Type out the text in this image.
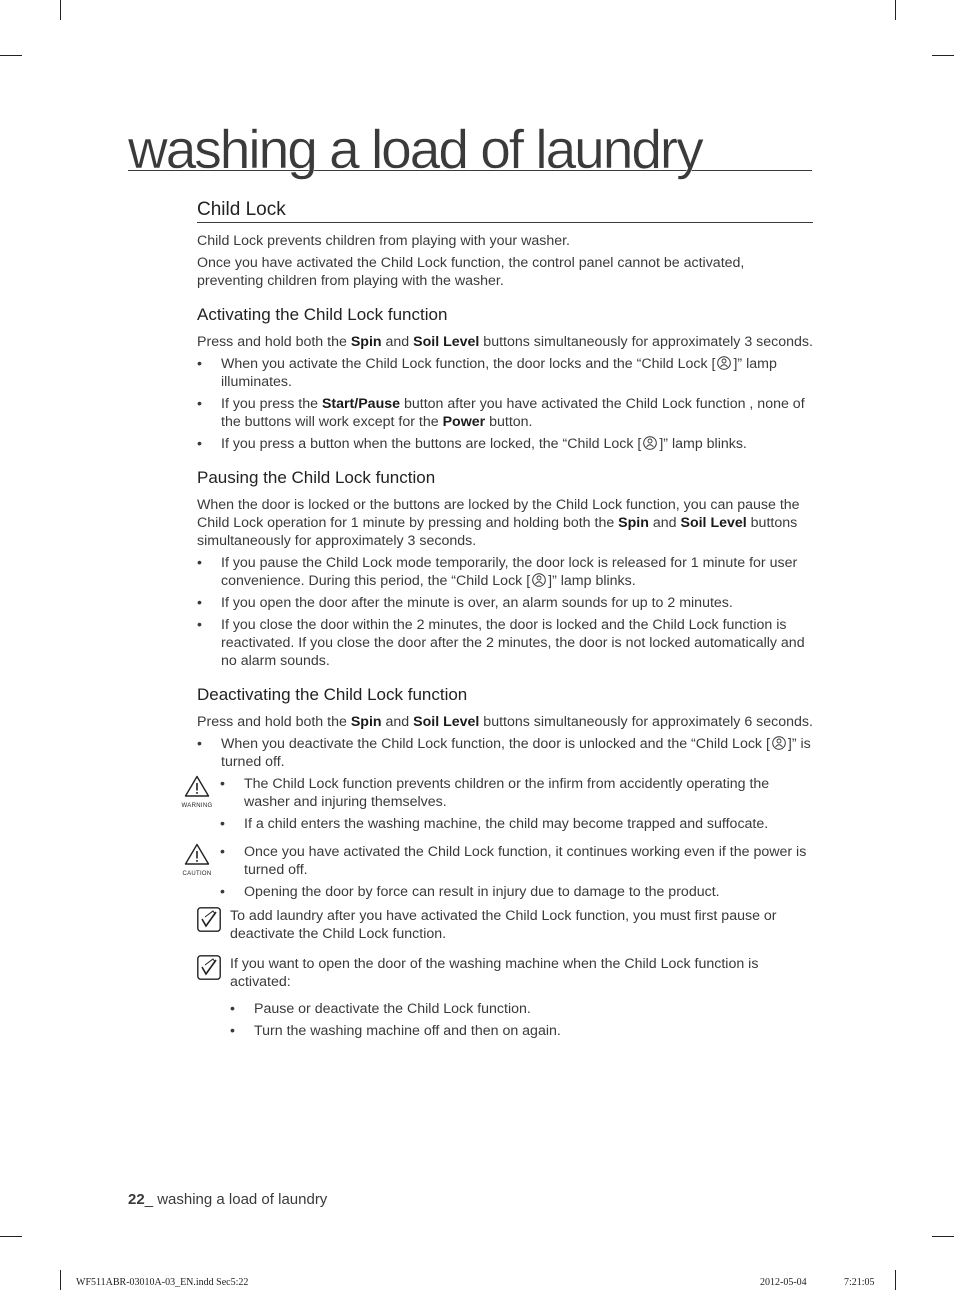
washing a load of laundry
Child Lock

Child Lock prevents children from playing with your washer.

Once you have activated the Child Lock function, the control panel cannot be activated, preventing children from playing with the washer.

Activating the Child Lock function

Press and hold both the Spin and Soil Level buttons simultaneously for approximately 3 seconds.

• When you activate the Child Lock function, the door locks and the “Child Lock [ ]” lamp illuminates.
• If you press the Start/Pause button after you have activated the Child Lock function , none of the buttons will work except for the Power button.
• If you press a button when the buttons are locked, the “Child Lock [ ]” lamp blinks.
Pausing the Child Lock function

When the door is locked or the buttons are locked by the Child Lock function, you can pause the Child Lock operation for 1 minute by pressing and holding both the Spin and Soil Level buttons simultaneously for approximately 3 seconds.

• If you pause the Child Lock mode temporarily, the door lock is released for 1 minute for user convenience. During this period, the “Child Lock [ ]” lamp blinks.
• If you open the door after the minute is over, an alarm sounds for up to 2 minutes.
• If you close the door within the 2 minutes, the door is locked and the Child Lock function is reactivated. If you close the door after the 2 minutes, the door is not locked automatically and no alarm sounds.
Deactivating the Child Lock function

Press and hold both the Spin and Soil Level buttons simultaneously for approximately 6 seconds.

• When you deactivate the Child Lock function, the door is unlocked and the “Child Lock [ ]” is turned off.
WARNING
• The Child Lock function prevents children or the infirm from accidently operating the washer and injuring themselves.
• If a child enters the washing machine, the child may become trapped and suffocate.
CAUTION
• Once you have activated the Child Lock function, it continues working even if the power is turned off.
• Opening the door by force can result in injury due to damage to the product.

To add laundry after you have activated the Child Lock function, you must first pause or deactivate the Child Lock function.

If you want to open the door of the washing machine when the Child Lock function is activated:

• Pause or deactivate the Child Lock function.
• Turn the washing machine off and then on again.
22_ washing a load of laundry
WF511ABR-03010A-03_EN.indd Sec5:22	2012-05-04	7:21:05
